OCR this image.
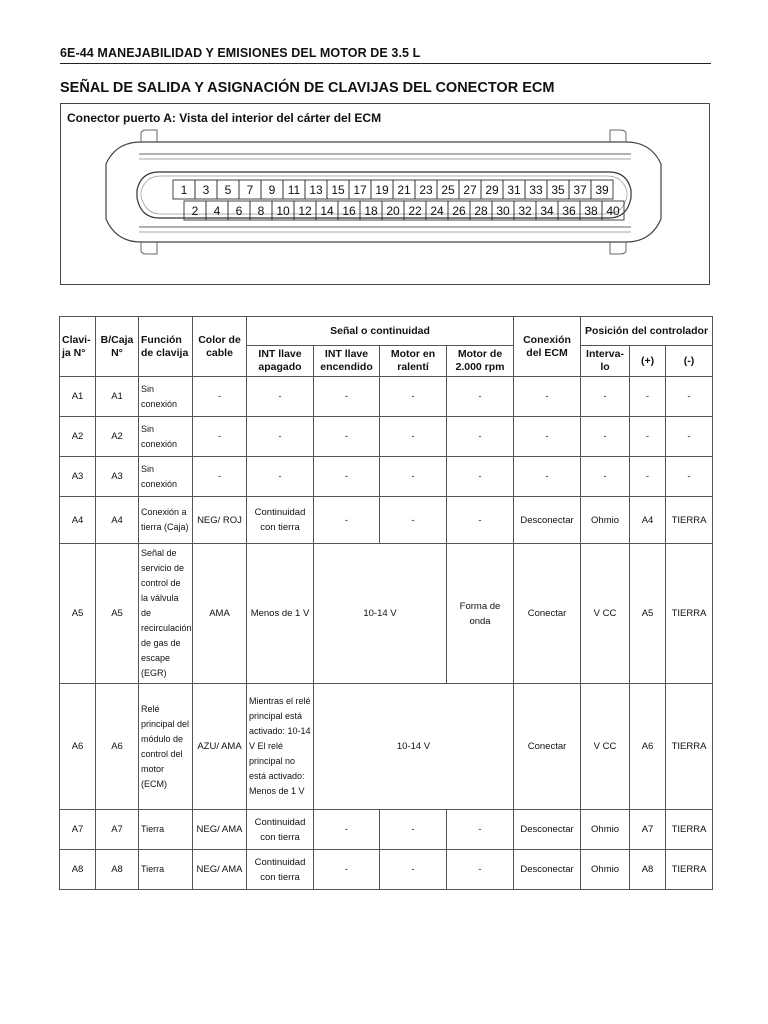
6E-44 MANEJABILIDAD Y EMISIONES DEL MOTOR DE 3.5 L
SEÑAL DE SALIDA Y ASIGNACIÓN DE CLAVIJAS DEL CONECTOR ECM
Conector puerto A: Vista del interior del cárter del ECM
1 3 5 7 9 11 13 15 17 19 21 23 25 27 29 31 33 35 37 39
2 4 6 8 10 12 14 16 18 20 22 24 26 28 30 32 34 36 38 40
Clavi-ja N°	B/Caja N°	Función de clavija	Color de cable	Señal o continuidad				Conexión del ECM	Posición del controlador		
				INT llave apagado	INT llave encendido	Motor en ralentí	Motor de 2.000 rpm		Interva-lo	(+)	(-)
A1	A1	Sin conexión	-	-	-	-	-	-	-	-	-
A2	A2	Sin conexión	-	-	-	-	-	-	-	-	-
A3	A3	Sin conexión	-	-	-	-	-	-	-	-	-
A4	A4	Conexión a tierra (Caja)	NEG/ ROJ	Continuidad con tierra	-	-	-	Desconectar	Ohmio	A4	TIERRA
A5	A5	Señal de servicio de control de la válvula de recirculación de gas de escape (EGR)	AMA	Menos de 1 V	10-14 V		Forma de onda	Conectar	V CC	A5	TIERRA
A6	A6	Relé principal del módulo de control del motor (ECM)	AZU/ AMA	Mientras el relé principal está activado: 10-14 V El relé principal no está activado: Menos de 1 V	10-14 V			Conectar	V CC	A6	TIERRA
A7	A7	Tierra	NEG/ AMA	Continuidad con tierra	-	-	-	Desconectar	Ohmio	A7	TIERRA
A8	A8	Tierra	NEG/ AMA	Continuidad con tierra	-	-	-	Desconectar	Ohmio	A8	TIERRA
